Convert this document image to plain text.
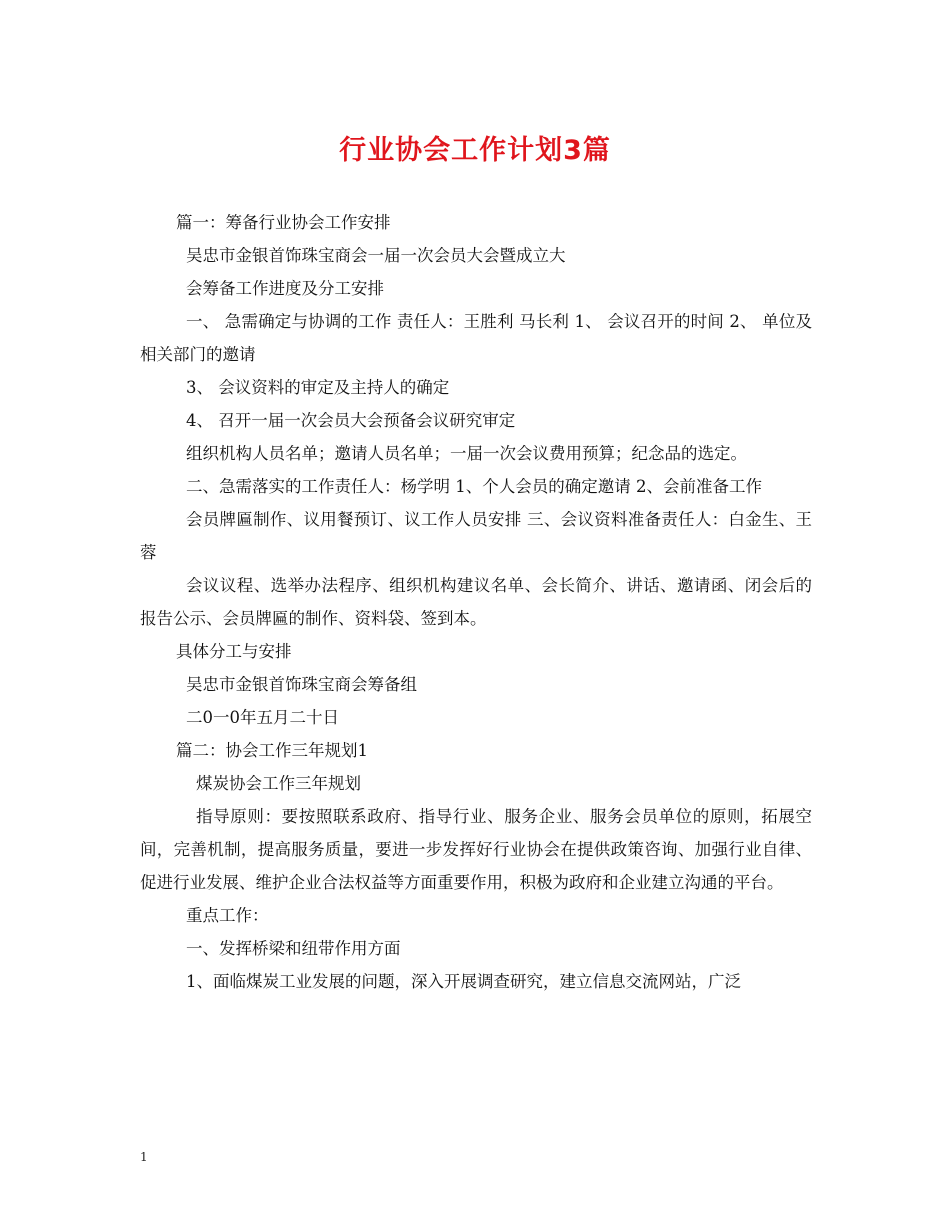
行业协会工作计划3篇

篇一：筹备行业协会工作安排

吴忠市金银首饰珠宝商会一届一次会员大会暨成立大

会筹备工作进度及分工安排

一、 急需确定与协调的工作 责任人：王胜利 马长利 1、 会议召开的时间 2、 单位及相关部门的邀请

3、 会议资料的审定及主持人的确定

4、 召开一届一次会员大会预备会议研究审定

组织机构人员名单；邀请人员名单；一届一次会议费用预算；纪念品的选定。

二、急需落实的工作责任人：杨学明 1、个人会员的确定邀请 2、会前准备工作

会员牌匾制作、议用餐预订、议工作人员安排 三、会议资料准备责任人：白金生、王蓉

会议议程、选举办法程序、组织机构建议名单、会长简介、讲话、邀请函、闭会后的报告公示、会员牌匾的制作、资料袋、签到本。

具体分工与安排

吴忠市金银首饰珠宝商会筹备组

二0一0年五月二十日

篇二：协会工作三年规划1

煤炭协会工作三年规划

指导原则：要按照联系政府、指导行业、服务企业、服务会员单位的原则，拓展空间，完善机制，提高服务质量，要进一步发挥好行业协会在提供政策咨询、加强行业自律、促进行业发展、维护企业合法权益等方面重要作用，积极为政府和企业建立沟通的平台。

重点工作：

一、发挥桥梁和纽带作用方面

1、面临煤炭工业发展的问题，深入开展调查研究，建立信息交流网站，广泛

1
